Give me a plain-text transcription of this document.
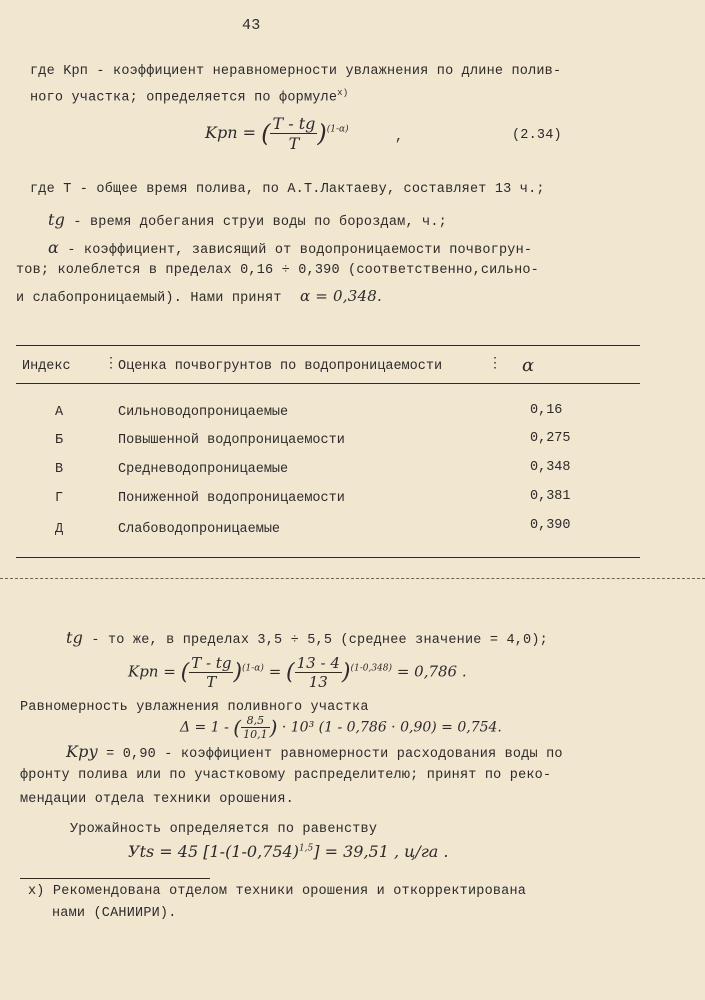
43
где Kрп - коэффициент неравномерности увлажнения по длине полив-
ного участка; определяется по формуле$^{x)}$
Kрп = ( $\frac{T - tg}{T} )^{(1-\alpha)}$
,	(2.34)
где T - общее время полива, по А.Т.Лактаеву, составляет 13 ч.;
tg - время добегания струи воды по бороздам, ч.;
α - коэффициент, зависящий от водопроницаемости почвогрун-
тов; колеблется в пределах 0,16 ÷ 0,390 (соответственно,сильно-
и слабопроницаемый). Нами принят α = 0,348.
Индекс ⋮ Оценка почвогрунтов по водопроницаемости	⋮ α
А	Сильноводопроницаемые	0,16
Б	Повышенной водопроницаемости	0,275
В	Средневодопроницаемые	0,348
Г	Пониженной водопроницаемости	0,381
Д	Слабоводопроницаемые	0,390
tg - то же, в пределах 3,5 ÷ 5,5 (среднее значение = 4,0);
Kрп = ( $\frac{T - tg}{T} )^{(1-\alpha)}$ = ( $\frac{13 - 4}{13} )^{(1-0,348)} = 0,786$ .
Равномерность увлажнения поливного участка
Δ = 1 - ( $\frac{8,5}{10,1}$ ) · 10³ (1 - 0,786 · 0,90) = 0,754.
Kрy = 0,90 - коэффициент равномерности расходования воды по
фронту полива или по участковому распределителю; принят по реко-
мендации отдела техники орошения.
Урожайность определяется по равенству
Уts = 45 $[1-(1-0,754)^{1,5}] = 39,51$ , ц/га .
x) Рекомендована отделом техники орошения и откорректирована
нами (САНИИРИ).
